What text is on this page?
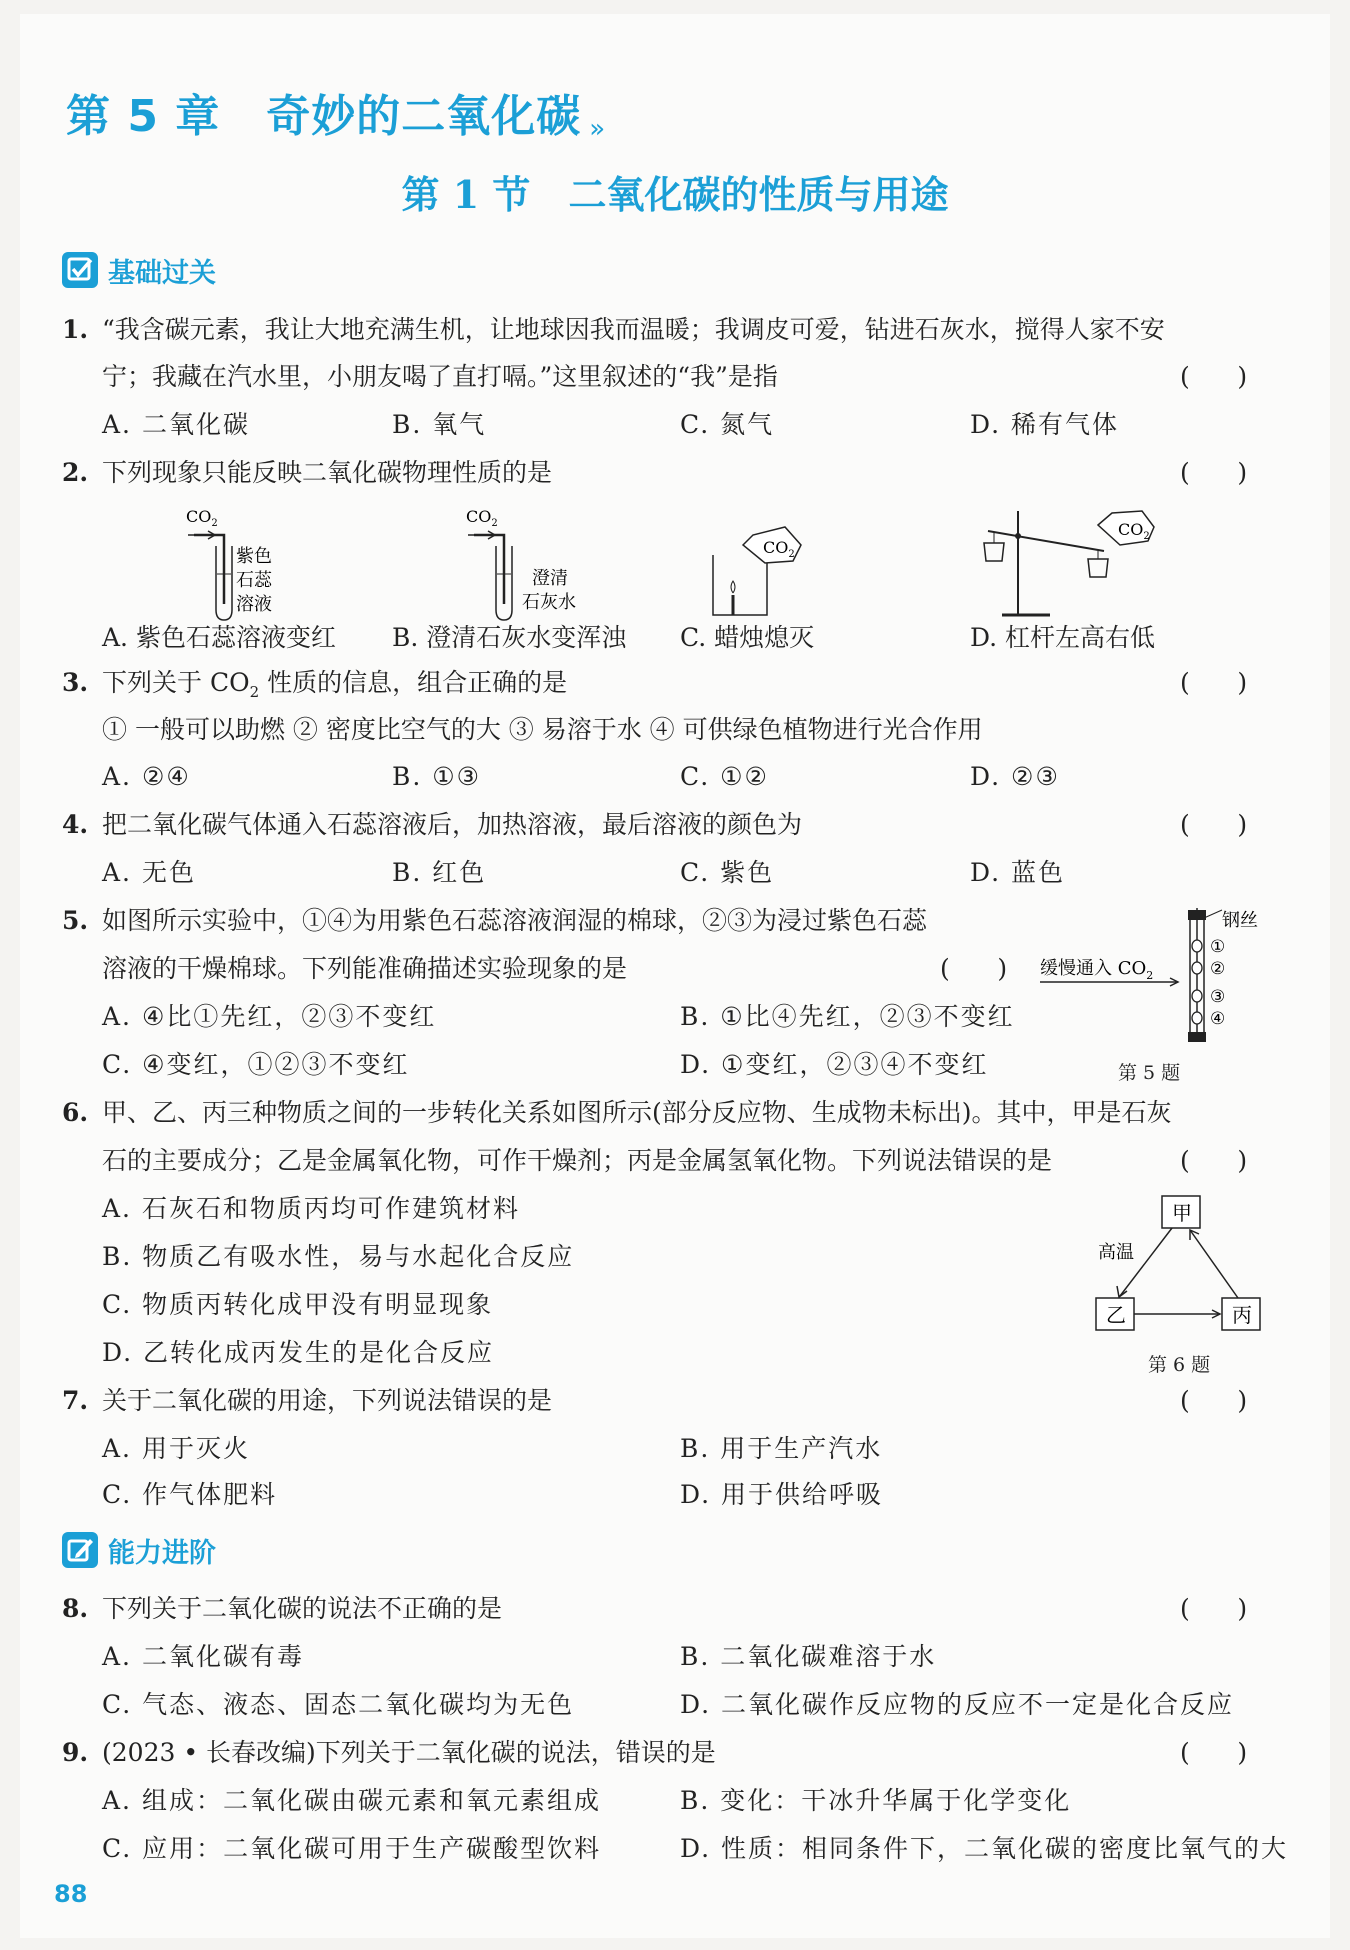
第 5 章 奇妙的二氧化碳 »
第 1 节 二氧化碳的性质与用途
基础过关
1. “我含碳元素，我让大地充满生机，让地球因我而温暖；我调皮可爱，钻进石灰水，搅得人家不安
宁；我藏在汽水里，小朋友喝了直打嗝。”这里叙述的“我”是指	(      )
A. 二氧化碳	B. 氧气	C. 氮气	D. 稀有气体
2. 下列现象只能反映二氧化碳物理性质的是	(      )
$CO_2$
紫色
石蕊
溶液
$CO_2$
澄清
石灰水
$CO_2$
$CO_2$
A. 紫色石蕊溶液变红 B. 澄清石灰水变浑浊 C. 蜡烛熄灭	D. 杠杆左高右低
3. 下列关于 $CO_2$ 性质的信息，组合正确的是	(      )
① 一般可以助燃 ② 密度比空气的大 ③ 易溶于水 ④ 可供绿色植物进行光合作用
A. ②④	B. ①③	C. ①②	D. ②③
4. 把二氧化碳气体通入石蕊溶液后，加热溶液，最后溶液的颜色为	(      )
A. 无色	B. 红色	C. 紫色	D. 蓝色
5. 如图所示实验中，①④为用紫色石蕊溶液润湿的棉球，②③为浸过紫色石蕊
溶液的干燥棉球。下列能准确描述实验现象的是	(      )
钢丝
①
②
③
④
缓慢通入 $CO_2$
第 5 题
A. ④比①先红，②③不变红	B. ①比④先红，②③不变红
C. ④变红，①②③不变红	D. ①变红，②③④不变红
6. 甲、乙、丙三种物质之间的一步转化关系如图所示(部分反应物、生成物未标出)。其中，甲是石灰
石的主要成分；乙是金属氧化物，可作干燥剂；丙是金属氢氧化物。下列说法错误的是	(      )
A. 石灰石和物质丙均可作建筑材料
B. 物质乙有吸水性，易与水起化合反应
C. 物质丙转化成甲没有明显现象
D. 乙转化成丙发生的是化合反应
甲
乙	丙
高温
第 6 题
7. 关于二氧化碳的用途，下列说法错误的是	(      )
A. 用于灭火	B. 用于生产汽水
C. 作气体肥料	D. 用于供给呼吸
能力进阶
8. 下列关于二氧化碳的说法不正确的是	(      )
A. 二氧化碳有毒	B. 二氧化碳难溶于水
C. 气态、液态、固态二氧化碳均为无色	D. 二氧化碳作反应物的反应不一定是化合反应
9. (2023 • 长春改编)下列关于二氧化碳的说法，错误的是	(      )
A. 组成：二氧化碳由碳元素和氧元素组成	B. 变化：干冰升华属于化学变化
C. 应用：二氧化碳可用于生产碳酸型饮料	D. 性质：相同条件下，二氧化碳的密度比氧气的大
88
